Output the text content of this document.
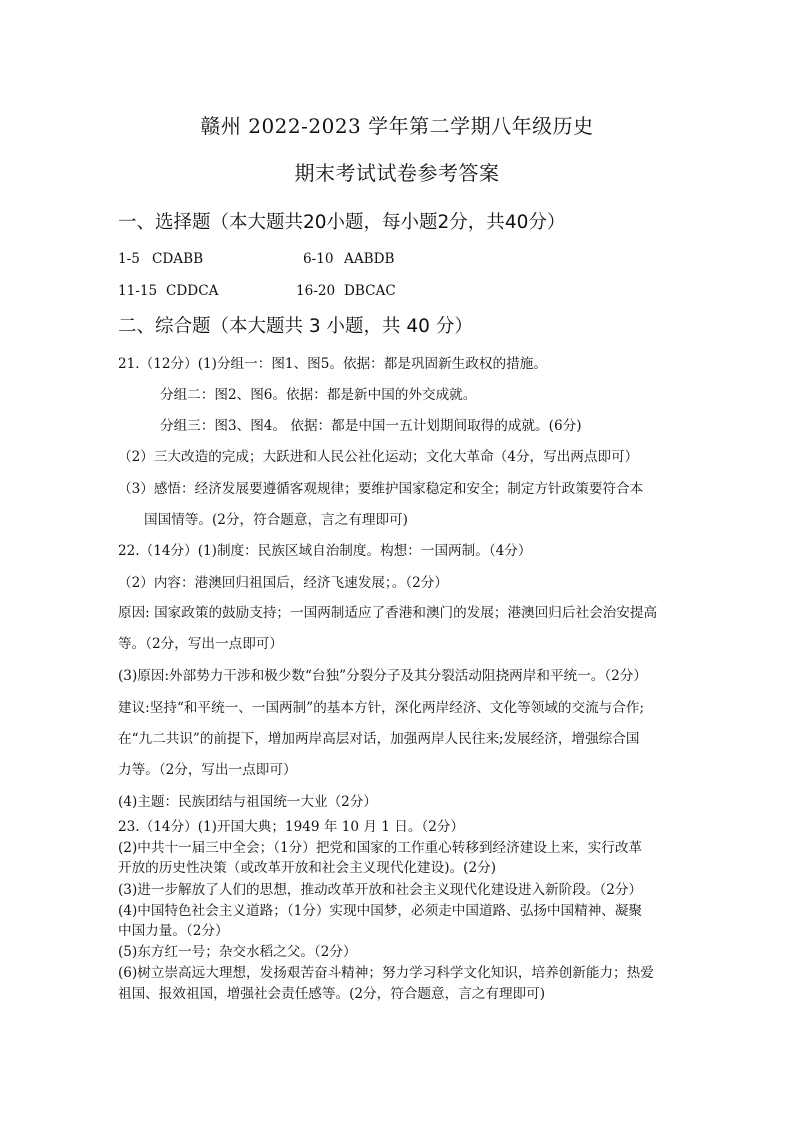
赣州 2022-2023 学年第二学期八年级历史
期末考试试卷参考答案
一、选择题（本大题共20小题，每小题2分，共40分）
1-5 CDABB	6-10 AABDB
11-15 CDDCA	16-20 DBCAC
二、综合题（本大题共 3 小题，共 40 分）
21.（12分）(1)分组一：图1、图5。依据：都是巩固新生政权的措施。
分组二：图2、图6。依据：都是新中国的外交成就。
分组三：图3、图4。 依据：都是中国一五计划期间取得的成就。(6分)
（2）三大改造的完成；大跃进和人民公社化运动；文化大革命（4分，写出两点即可）
（3）感悟：经济发展要遵循客观规律；要维护国家稳定和安全；制定方针政策要符合本
国国情等。(2分，符合题意，言之有理即可)
22.（14分）(1)制度：民族区域自治制度。构想：一国两制。（4分）
（2）内容：港澳回归祖国后，经济飞速发展；。（2分）
原因: 国家政策的鼓励支持；一国两制适应了香港和澳门的发展；港澳回归后社会治安提高
等。（2分，写出一点即可）
(3)原因:外部势力干涉和极少数“台独”分裂分子及其分裂活动阻挠两岸和平统一。（2分）
建议:坚持“和平统一、一国两制”的基本方针，深化两岸经济、文化等领域的交流与合作;
在“九二共识”的前提下，增加两岸高层对话，加强两岸人民往来;发展经济，增强综合国
力等。（2分，写出一点即可）
(4)主题：民族团结与祖国统一大业（2分）
23.（14分）(1)开国大典；1949 年 10 月 1 日。（2分）
(2)中共十一届三中全会；（1分）把党和国家的工作重心转移到经济建设上来，实行改革
开放的历史性决策（或改革开放和社会主义现代化建设)。(2分)
(3)进一步解放了人们的思想，推动改革开放和社会主义现代化建设进入新阶段。（2分）
(4)中国特色社会主义道路；（1分）实现中国梦，必须走中国道路、弘扬中国精神、凝聚
中国力量。（2分）
(5)东方红一号；杂交水稻之父。（2分）
(6)树立崇高远大理想，发扬艰苦奋斗精神；努力学习科学文化知识，培养创新能力；热爱
祖国、报效祖国，增强社会责任感等。(2分，符合题意，言之有理即可)
